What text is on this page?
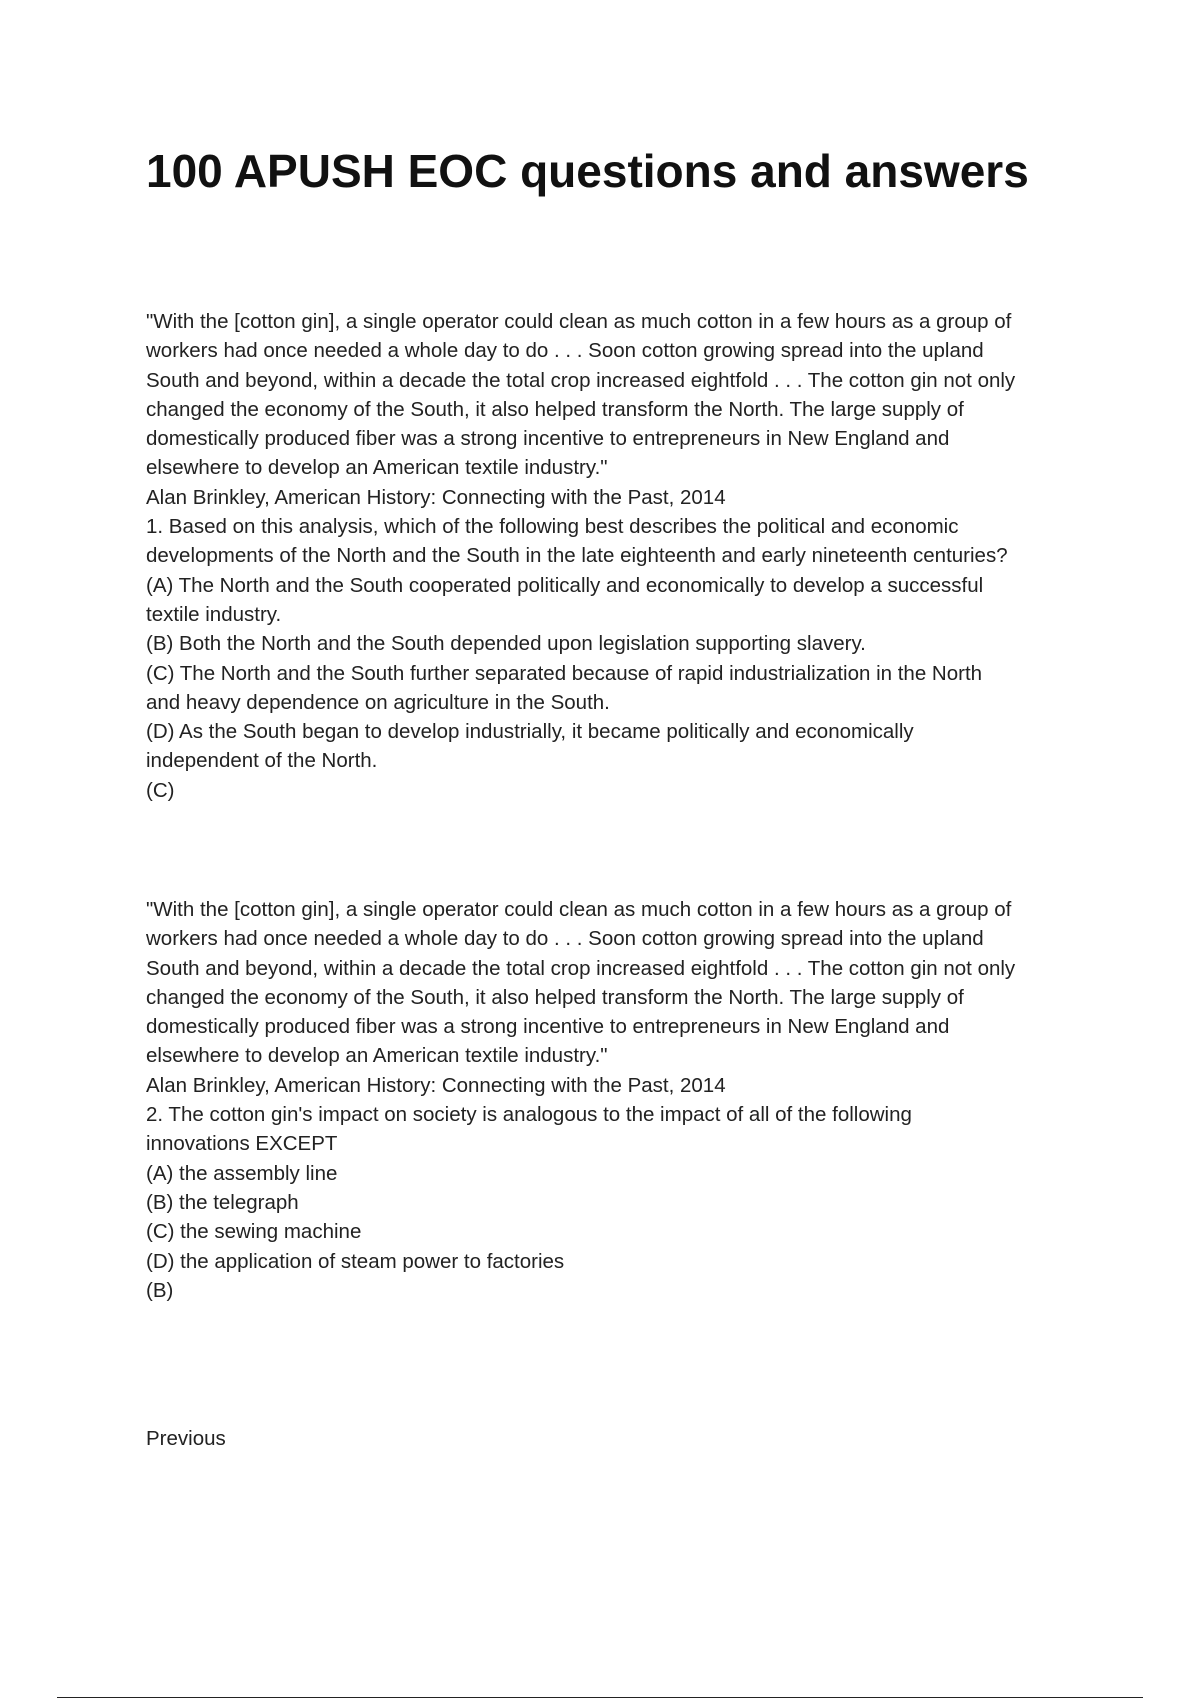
100 APUSH EOC questions and answers
"With the [cotton gin], a single operator could clean as much cotton in a few hours as a group of
workers had once needed a whole day to do . . . Soon cotton growing spread into the upland
South and beyond, within a decade the total crop increased eightfold . . . The cotton gin not only
changed the economy of the South, it also helped transform the North. The large supply of
domestically produced fiber was a strong incentive to entrepreneurs in New England and
elsewhere to develop an American textile industry."
Alan Brinkley, American History: Connecting with the Past, 2014
1. Based on this analysis, which of the following best describes the political and economic
developments of the North and the South in the late eighteenth and early nineteenth centuries?
(A) The North and the South cooperated politically and economically to develop a successful
textile industry.
(B) Both the North and the South depended upon legislation supporting slavery.
(C) The North and the South further separated because of rapid industrialization in the North
and heavy dependence on agriculture in the South.
(D) As the South began to develop industrially, it became politically and economically
independent of the North.
(C)
"With the [cotton gin], a single operator could clean as much cotton in a few hours as a group of
workers had once needed a whole day to do . . . Soon cotton growing spread into the upland
South and beyond, within a decade the total crop increased eightfold . . . The cotton gin not only
changed the economy of the South, it also helped transform the North. The large supply of
domestically produced fiber was a strong incentive to entrepreneurs in New England and
elsewhere to develop an American textile industry."
Alan Brinkley, American History: Connecting with the Past, 2014
2. The cotton gin's impact on society is analogous to the impact of all of the following
innovations EXCEPT
(A) the assembly line
(B) the telegraph
(C) the sewing machine
(D) the application of steam power to factories
(B)
Previous
